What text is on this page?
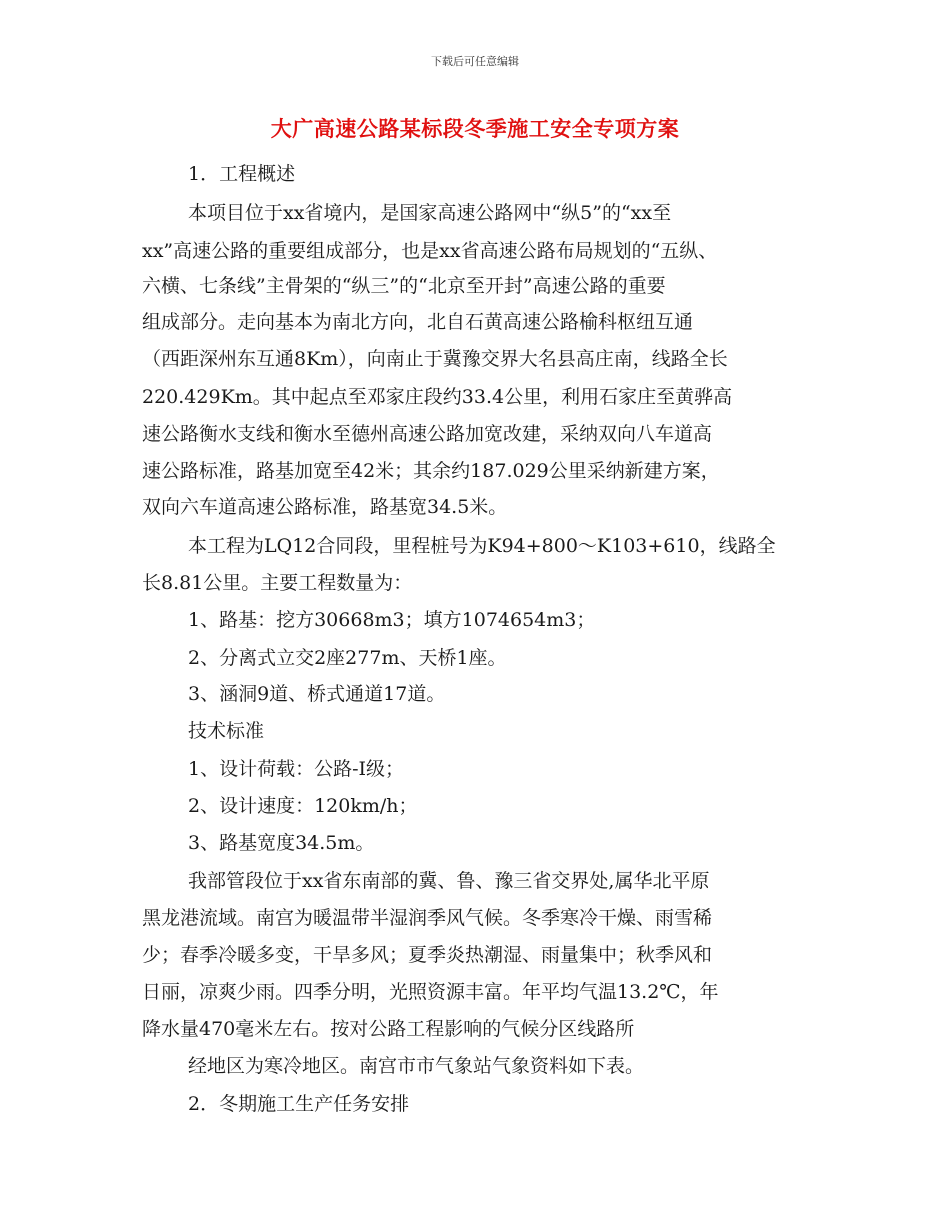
下载后可任意编辑
大广高速公路某标段冬季施工安全专项方案
1．工程概述
本项目位于xx省境内，是国家高速公路网中“纵5”的“xx至
xx”高速公路的重要组成部分，也是xx省高速公路布局规划的“五纵、
六横、七条线”主骨架的“纵三”的“北京至开封”高速公路的重要
组成部分。走向基本为南北方向，北自石黄高速公路榆科枢纽互通
（西距深州东互通8Km），向南止于冀豫交界大名县高庄南，线路全长
220.429Km。其中起点至邓家庄段约33.4公里，利用石家庄至黄骅高
速公路衡水支线和衡水至德州高速公路加宽改建，采纳双向八车道高
速公路标准，路基加宽至42米；其余约187.029公里采纳新建方案，
双向六车道高速公路标准，路基宽34.5米。
本工程为LQ12合同段，里程桩号为K94+800～K103+610，线路全
长8.81公里。主要工程数量为：
1、路基：挖方30668m3；填方1074654m3；
2、分离式立交2座277m、天桥1座。
3、涵洞9道、桥式通道17道。
技术标准
1、设计荷载：公路-Ⅰ级；
2、设计速度：120km/h；
3、路基宽度34.5m。
我部管段位于xx省东南部的冀、鲁、豫三省交界处,属华北平原
黑龙港流域。南宫为暖温带半湿润季风气候。冬季寒冷干燥、雨雪稀
少；春季冷暖多变，干旱多风；夏季炎热潮湿、雨量集中；秋季风和
日丽，凉爽少雨。四季分明，光照资源丰富。年平均气温13.2℃，年
降水量470毫米左右。按对公路工程影响的气候分区线路所
经地区为寒冷地区。南宫市市气象站气象资料如下表。
2．冬期施工生产任务安排
